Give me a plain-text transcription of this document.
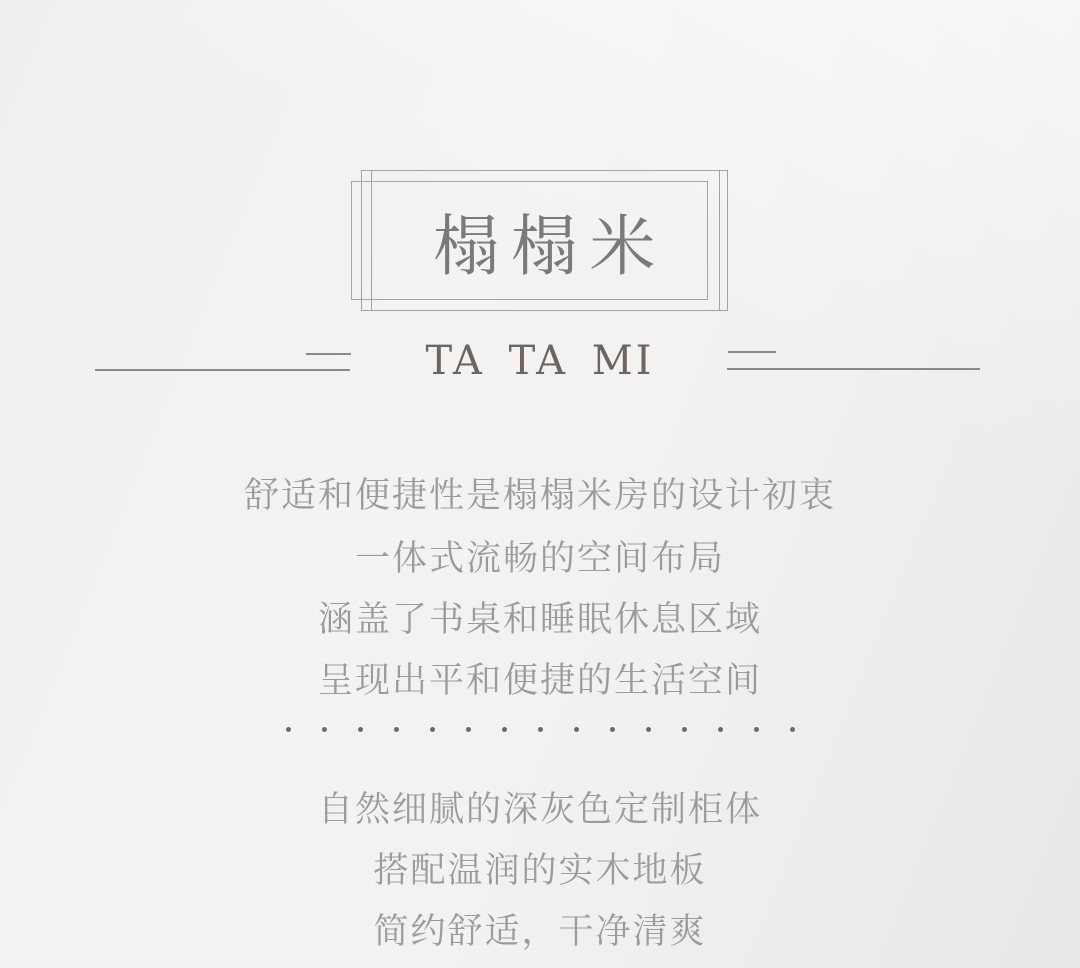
榻榻米
TA TA MI
舒适和便捷性是榻榻米房的设计初衷
一体式流畅的空间布局
涵盖了书桌和睡眠休息区域
呈现出平和便捷的生活空间
自然细腻的深灰色定制柜体
搭配温润的实木地板
简约舒适，干净清爽
